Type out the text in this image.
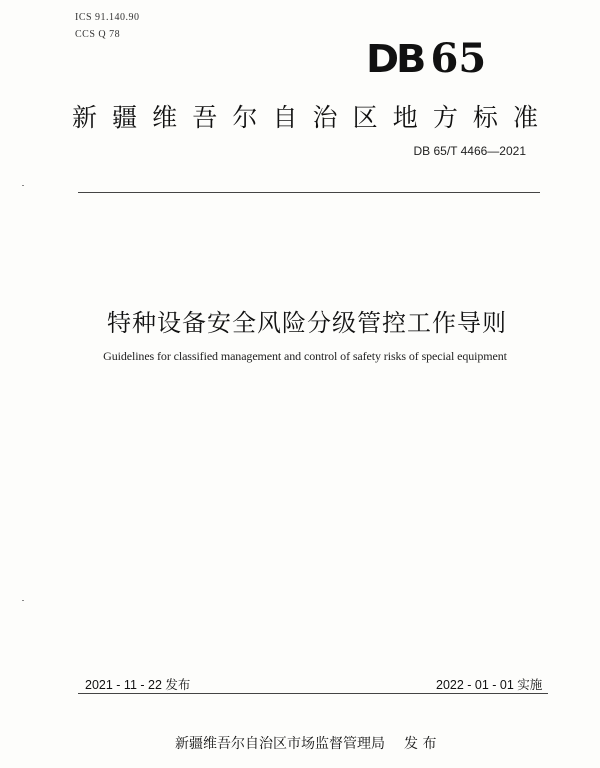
ICS 91.140.90
CCS Q 78
DB 65
新 疆 维 吾 尔 自 治 区 地 方 标 准
DB 65/T 4466—2021
特种设备安全风险分级管控工作导则
Guidelines for classified management and control of safety risks of special equipment
2021 - 11 - 22 发布	2022 - 01 - 01 实施
新疆维吾尔自治区市场监督管理局 发 布
